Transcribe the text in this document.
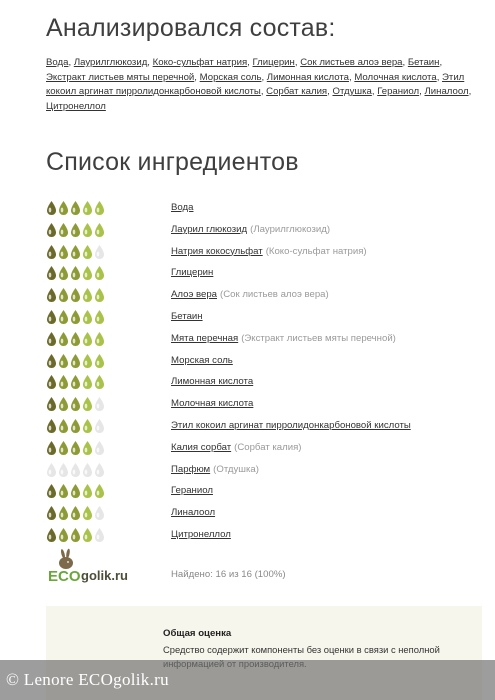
Анализировался состав:
Вода, Лаурилглюкозид, Коко-сульфат натрия, Глицерин, Сок листьев алоэ вера, Бетаин, Экстракт листьев мяты перечной, Морская соль, Лимонная кислота, Молочная кислота, Этил кокоил аргинат пирролидонкарбоновой кислоты, Сорбат калия, Отдушка, Гераниол, Линалоол, Цитронеллол
Список ингредиентов
Вода
Лаурил глюкозид (Лаурилглюкозид)
Натрия кокосульфат (Коко-сульфат натрия)
Глицерин
Алоэ вера (Сок листьев алоэ вера)
Бетаин
Мята перечная (Экстракт листьев мяты перечной)
Морская соль
Лимонная кислота
Молочная кислота
Этил кокоил аргинат пирролидонкарбоновой кислоты
Калия сорбат (Сорбат калия)
Парфюм (Отдушка)
Гераниол
Линалоол
Цитронеллол
ECO golik.ru	Найдено: 16 из 16 (100%)
Общая оценка
Средство содержит компоненты без оценки в связи с неполной
© Lenore ECOgolik.ru
